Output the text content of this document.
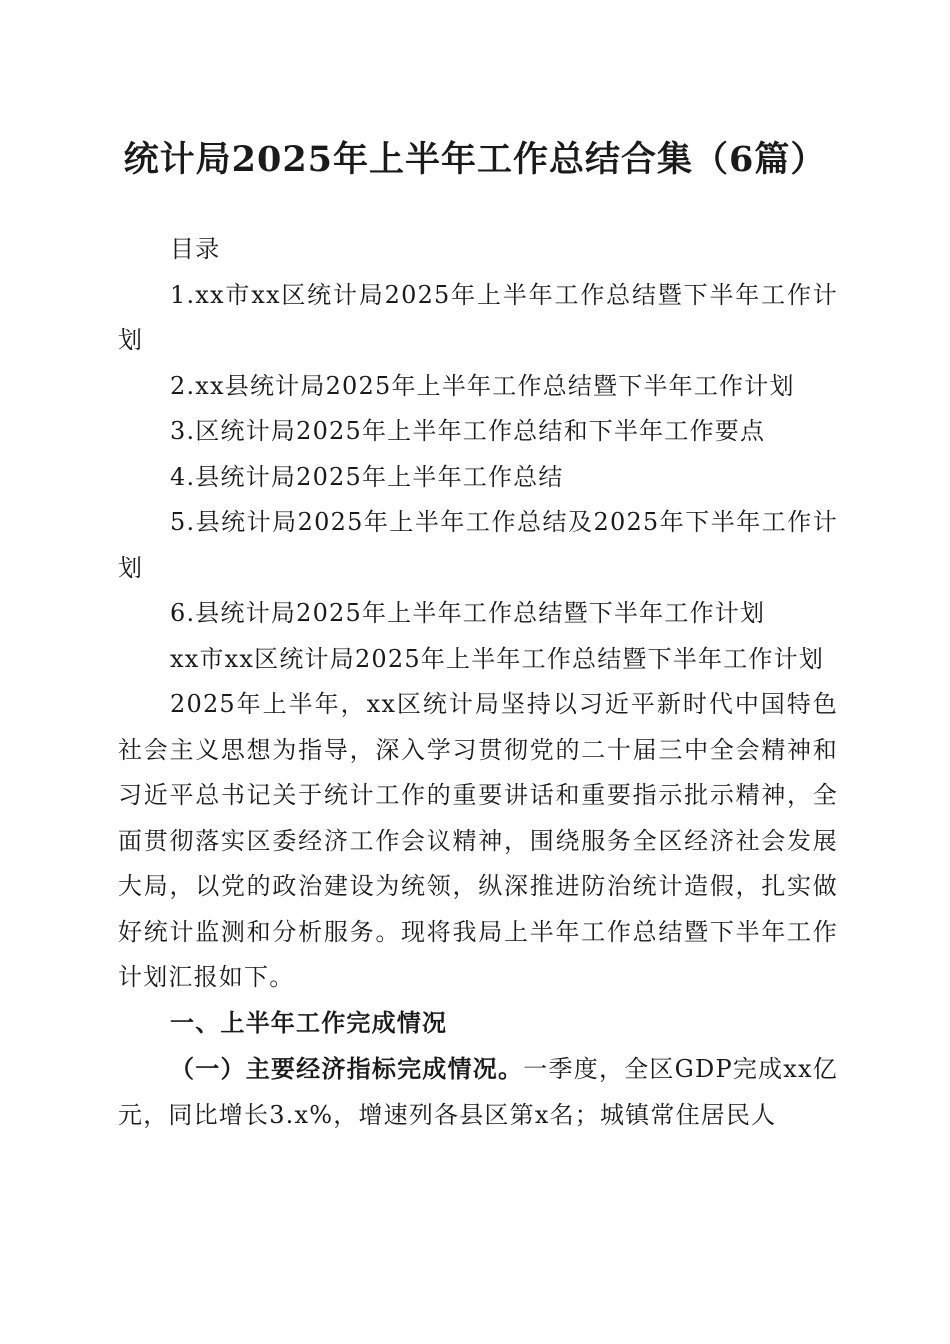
统计局2025年上半年工作总结合集（6篇）

目录

1.xx市xx区统计局2025年上半年工作总结暨下半年工作计划

2.xx县统计局2025年上半年工作总结暨下半年工作计划

3.区统计局2025年上半年工作总结和下半年工作要点

4.县统计局2025年上半年工作总结

5.县统计局2025年上半年工作总结及2025年下半年工作计划

6.县统计局2025年上半年工作总结暨下半年工作计划

xx市xx区统计局2025年上半年工作总结暨下半年工作计划

2025年上半年，xx区统计局坚持以习近平新时代中国特色社会主义思想为指导，深入学习贯彻党的二十届三中全会精神和习近平总书记关于统计工作的重要讲话和重要指示批示精神，全面贯彻落实区委经济工作会议精神，围绕服务全区经济社会发展大局，以党的政治建设为统领，纵深推进防治统计造假，扎实做好统计监测和分析服务。现将我局上半年工作总结暨下半年工作计划汇报如下。

一、上半年工作完成情况

（一）主要经济指标完成情况。一季度，全区GDP完成xx亿元，同比增长3.x%，增速列各县区第x名；城镇常住居民人
